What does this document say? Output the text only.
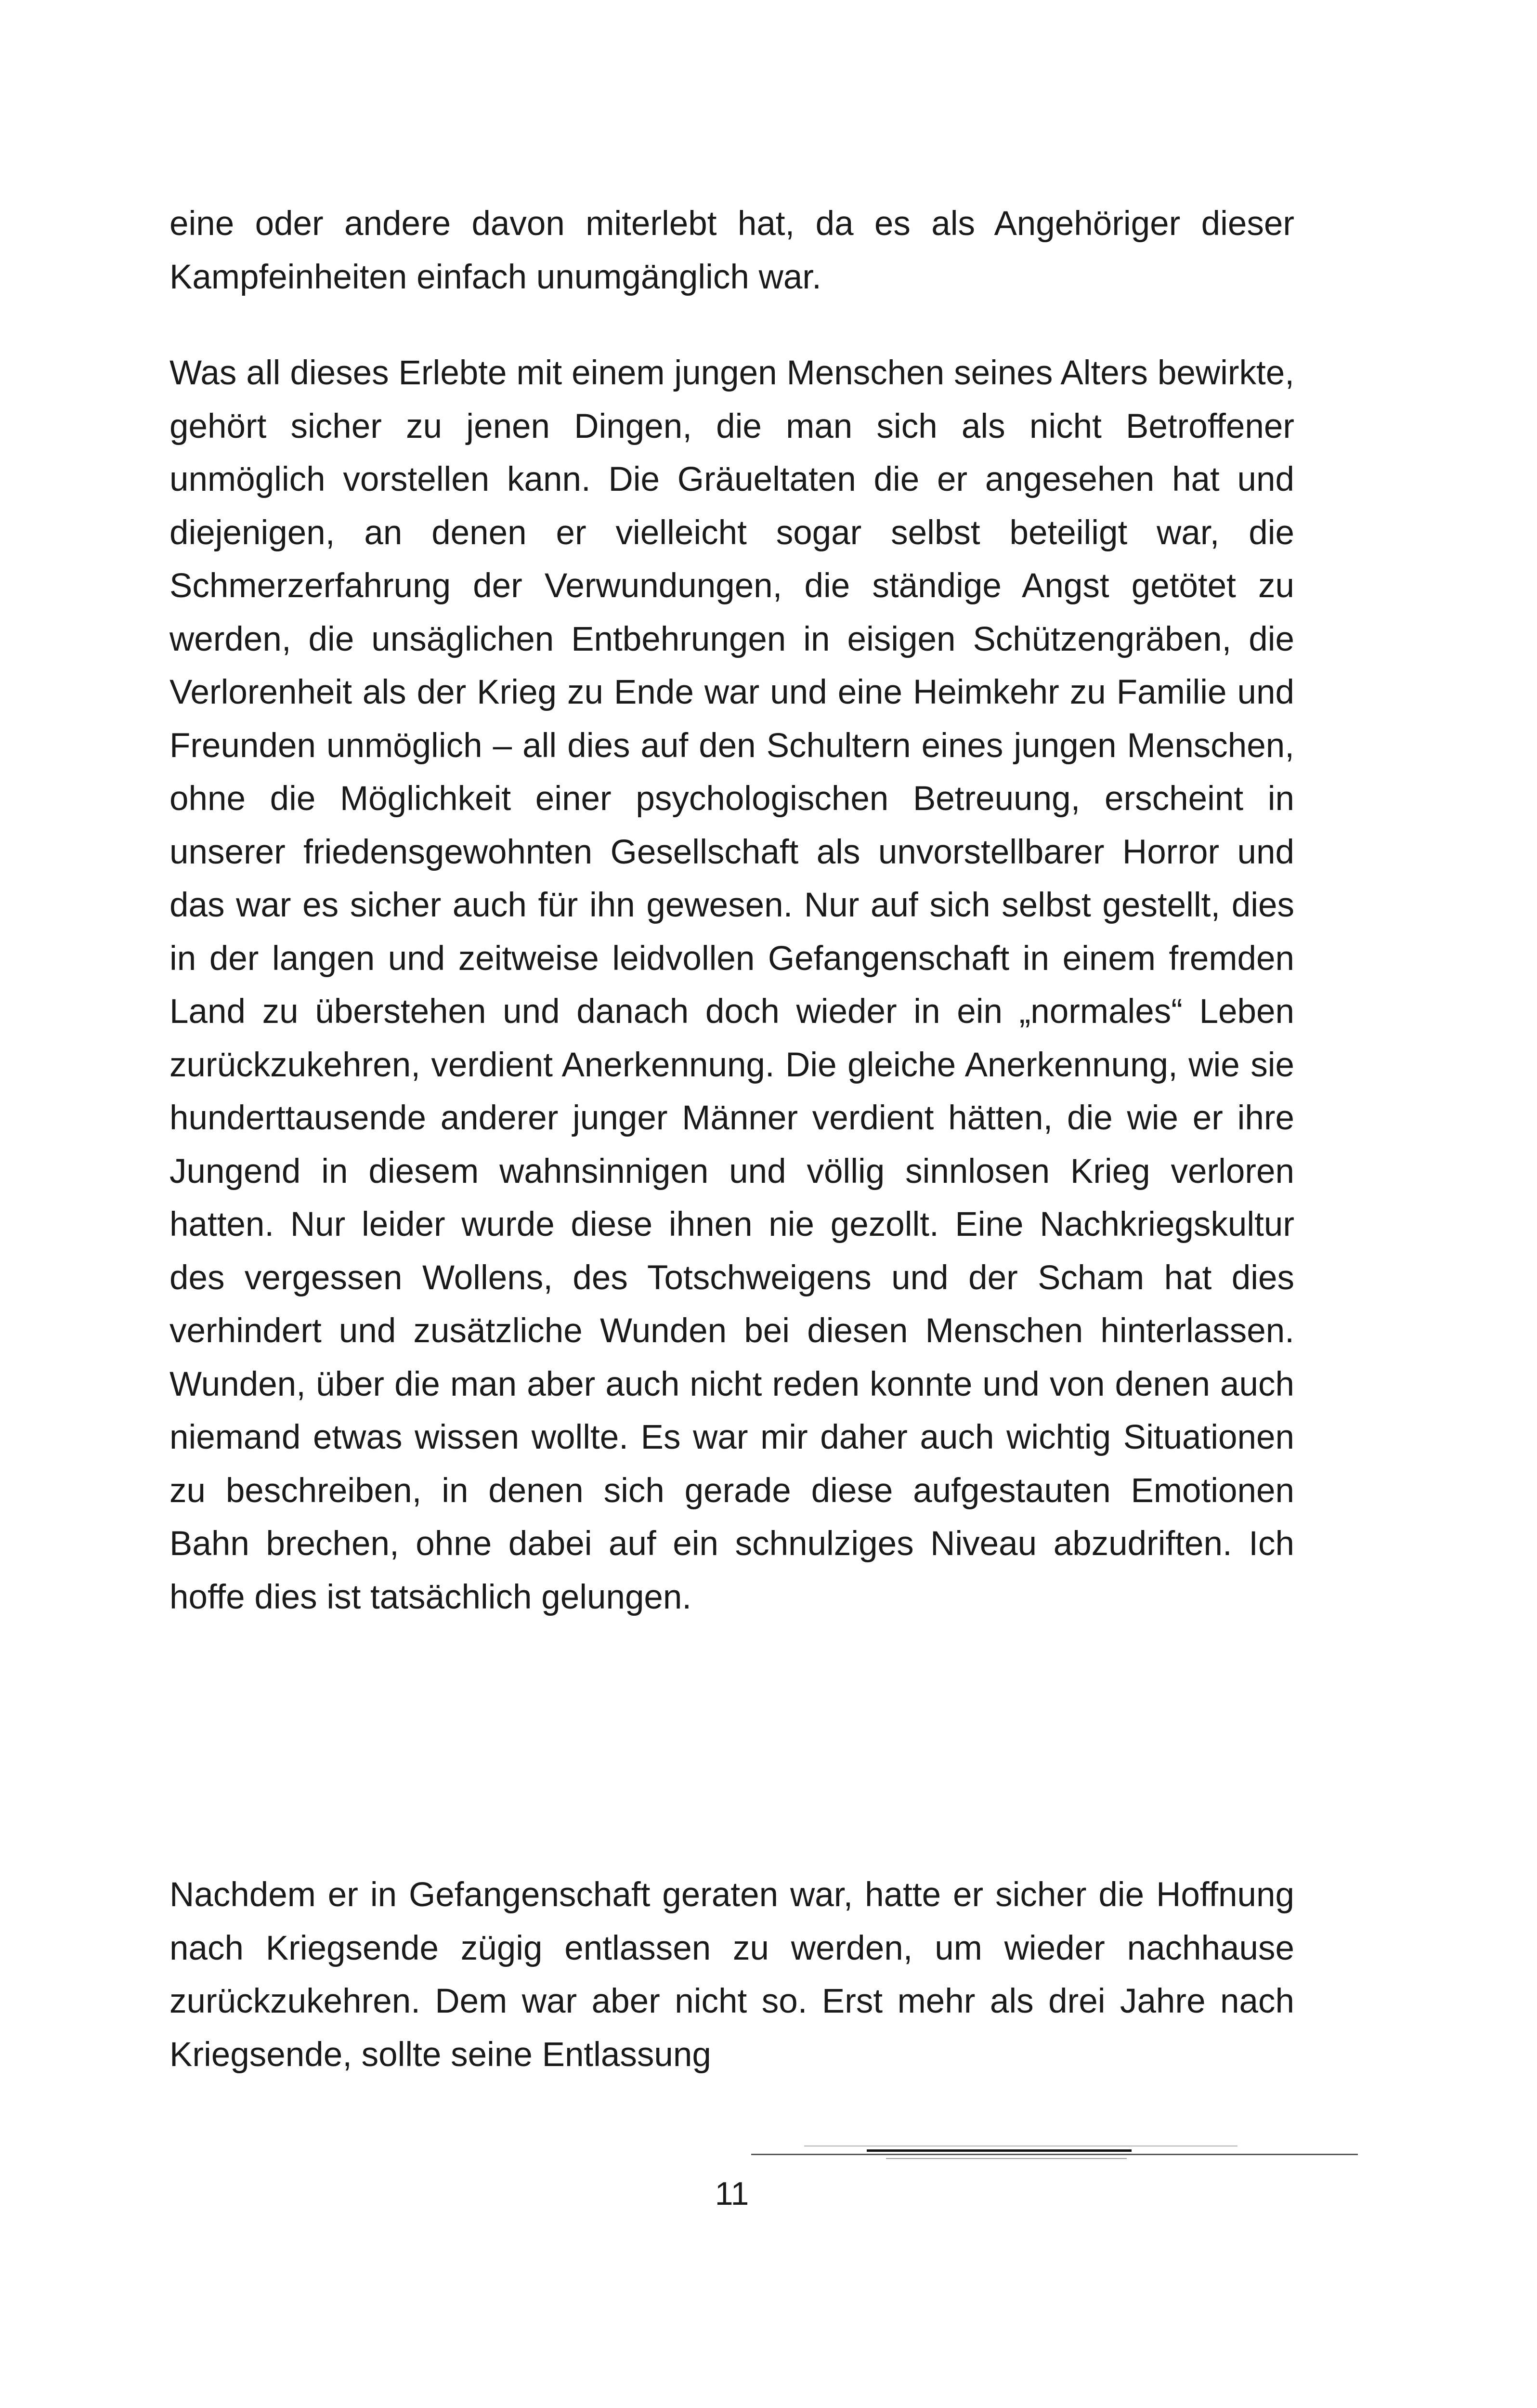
eine oder andere davon miterlebt hat, da es als Angehöriger dieser Kampfeinheiten einfach unumgänglich war.

Was all dieses Erlebte mit einem jungen Menschen seines Alters bewirkte, gehört sicher zu jenen Dingen, die man sich als nicht Betroffener unmöglich vorstellen kann. Die Gräueltaten die er angesehen hat und diejenigen, an denen er vielleicht sogar selbst beteiligt war, die Schmerzerfahrung der Verwundungen, die ständige Angst getötet zu werden, die unsäglichen Entbehrungen in eisigen Schützengräben, die Verlorenheit als der Krieg zu Ende war und eine Heimkehr zu Familie und Freunden unmöglich – all dies auf den Schultern eines jungen Menschen, ohne die Möglichkeit einer psychologischen Betreuung, erscheint in unserer friedensgewohnten Gesellschaft als unvorstellbarer Horror und das war es sicher auch für ihn gewesen. Nur auf sich selbst gestellt, dies in der langen und zeitweise leidvollen Gefangenschaft in einem fremden Land zu überstehen und danach doch wieder in ein „normales“ Leben zurückzukehren, verdient Anerkennung. Die gleiche Anerkennung, wie sie hunderttausende anderer junger Männer verdient hätten, die wie er ihre Jungend in diesem wahnsinnigen und völlig sinnlosen Krieg verloren hatten. Nur leider wurde diese ihnen nie gezollt. Eine Nachkriegskultur des vergessen Wollens, des Totschweigens und der Scham hat dies verhindert und zusätzliche Wunden bei diesen Menschen hinterlassen. Wunden, über die man aber auch nicht reden konnte und von denen auch niemand etwas wissen wollte. Es war mir daher auch wichtig Situationen zu beschreiben, in denen sich gerade diese aufgestauten Emotionen Bahn brechen, ohne dabei auf ein schnulziges Niveau abzudriften. Ich hoffe dies ist tatsächlich gelungen.

Nachdem er in Gefangenschaft geraten war, hatte er sicher die Hoffnung nach Kriegsende zügig entlassen zu werden, um wieder nachhause zurückzukehren. Dem war aber nicht so. Erst mehr als drei Jahre nach Kriegsende, sollte seine Entlassung

11
